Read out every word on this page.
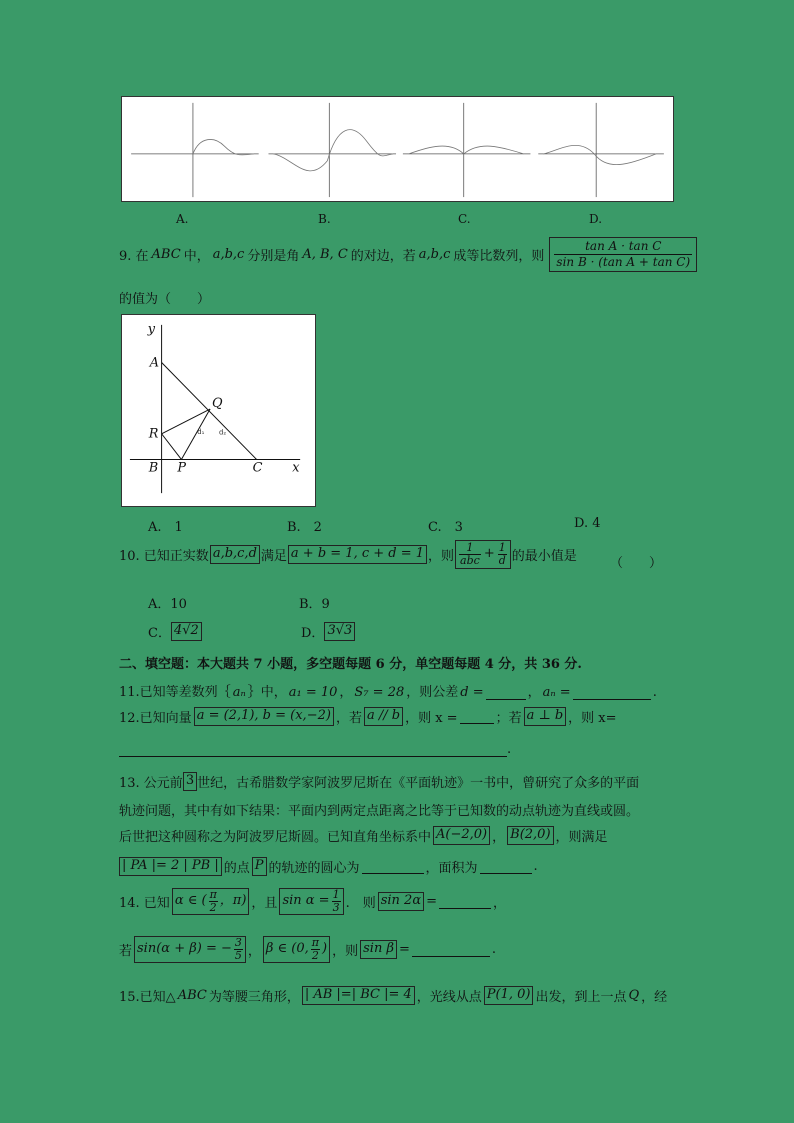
A.	B.	C.	D.
9. 在 ABC 中， a,b,c 分别是角 A, B, C 的对边，若 a,b,c 成等比数列，则 $\frac{\text{tan A · tan C}}{\text{sin B · (tan A + tan C)}}$
的值为（　　）
y
x
A
Q
R
B P	C
d₁ d₂
A.　1	B.　2	C.　3	D. 4
10. 已知正实数 a,b,c,d 满足 a + b = 1, c + d = 1 ，则 $\frac{1}{\text{abc}} + \frac{1}{d}$ 的最小值是	（　　）
A．10	B．9
C． 4√2	D． 3√3
二、填空题：本大题共 7 小题，多空题每题 6 分，单空题每题 4 分，共 36 分.
11.已知等差数列｛ aₙ ｝中， a₁ = 10 ， S₇ = 28 ，则公差 d =	， aₙ =	.
12.已知向量 a = (2,1), b = (x,−2) ，若 a // b ，则 x =	；若 a ⊥ b ，则 x=
.
13. 公元前 3 世纪，古希腊数学家阿波罗尼斯在《平面轨迹》一书中，曾研究了众多的平面
轨迹问题，其中有如下结果：平面内到两定点距离之比等于已知数的动点轨迹为直线或圆。
后世把这种圆称之为阿波罗尼斯圆。已知直角坐标系中 A(−2,0) ， B(2,0) ，则满足
| PA |= 2 | PB | 的点 P 的轨迹的圆心为	，面积为	.
14. 已知 α ∈ ( $\frac{\pi}{2}$ ，π) ，且 $\sin \alpha = \frac{1}{3}$ .　则 sin 2α =	，
若 sin(α + β) = − $\frac{3}{5}$ ， β ∈ (0, $\frac{\pi}{2}$ ) ，则 sin β =	.
15.已知△ ABC 为等腰三角形， | AB |=| BC |= 4 ，光线从点 P(1, 0) 出发，到上一点 Q ，经
